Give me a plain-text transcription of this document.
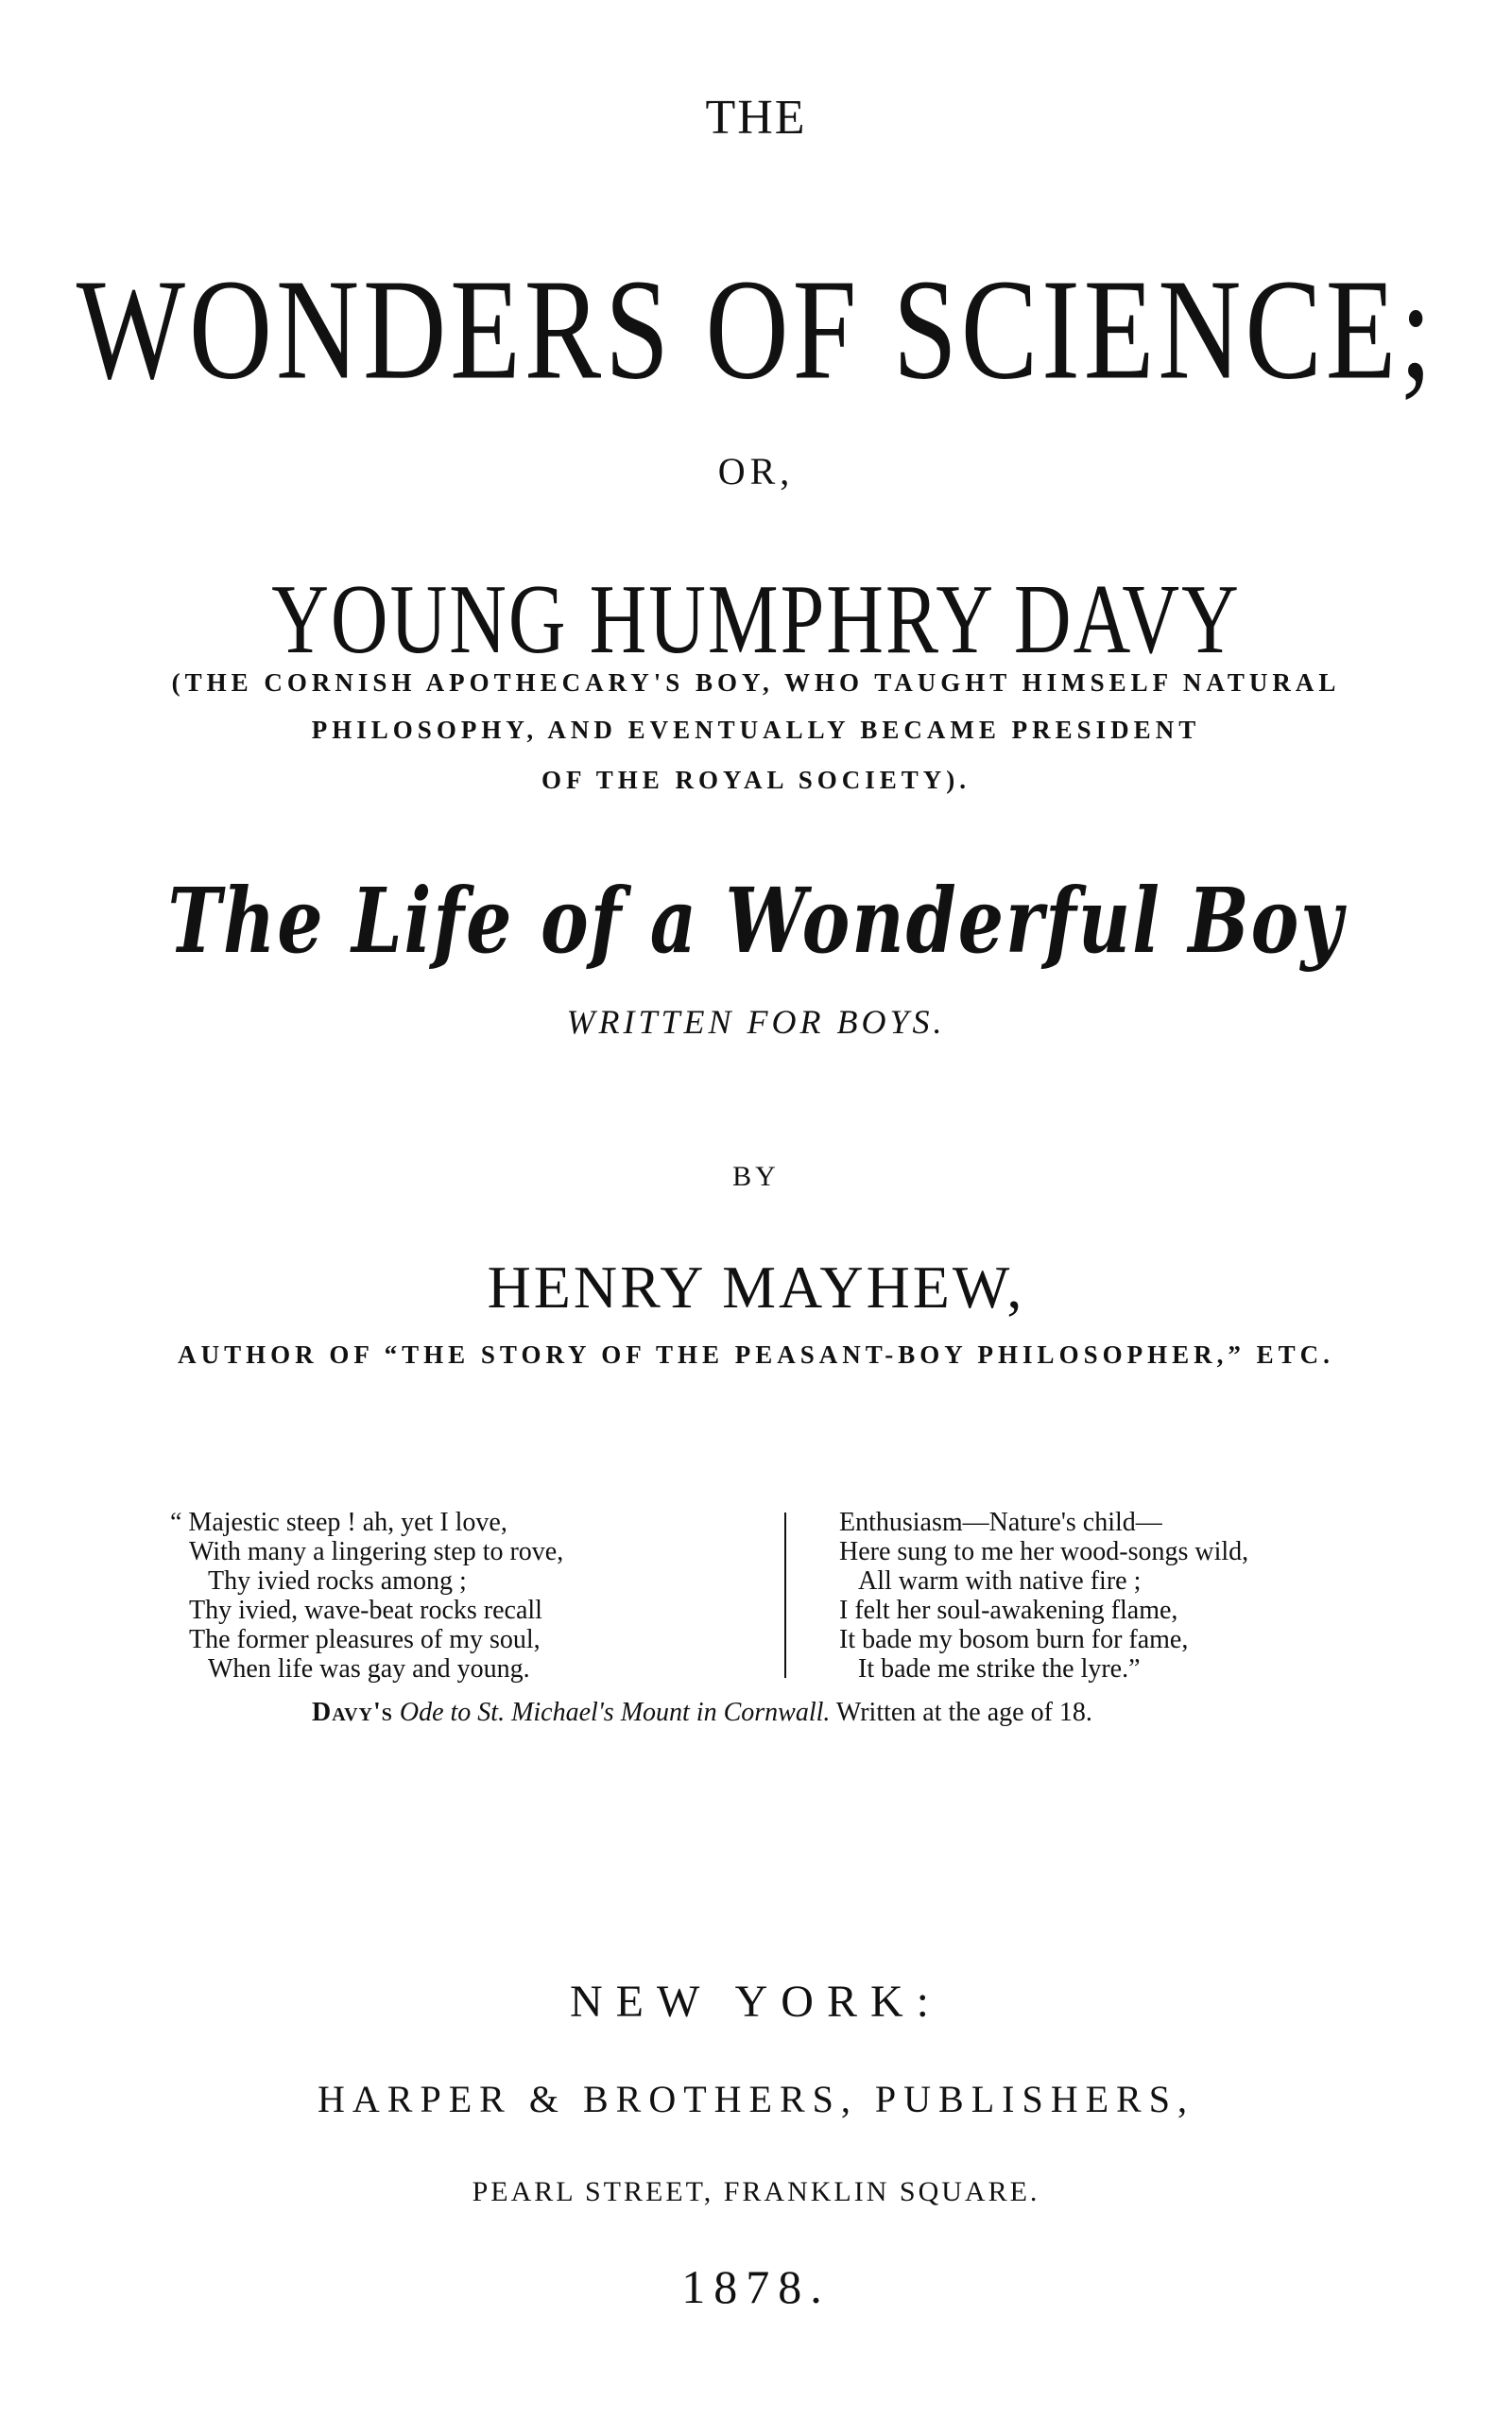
THE
WONDERS OF SCIENCE;
OR,
YOUNG HUMPHRY DAVY
(THE CORNISH APOTHECARY'S BOY, WHO TAUGHT HIMSELF NATURAL
PHILOSOPHY, AND EVENTUALLY BECAME PRESIDENT
OF THE ROYAL SOCIETY).
The Life of a Wonderful Boy
WRITTEN FOR BOYS.
BY
HENRY MAYHEW,
AUTHOR OF “THE STORY OF THE PEASANT-BOY PHILOSOPHER,” ETC.
“ Majestic steep ! ah, yet I love,
With many a lingering step to rove,
Thy ivied rocks among ;
Thy ivied, wave-beat rocks recall
The former pleasures of my soul,
When life was gay and young.
Enthusiasm—Nature's child—
Here sung to me her wood-songs wild,
All warm with native fire ;
I felt her soul-awakening flame,
It bade my bosom burn for fame,
It bade me strike the lyre.”
Davy's Ode to St. Michael's Mount in Cornwall. Written at the age of 18.
NEW YORK:
HARPER & BROTHERS, PUBLISHERS,
PEARL STREET, FRANKLIN SQUARE.
1878.
